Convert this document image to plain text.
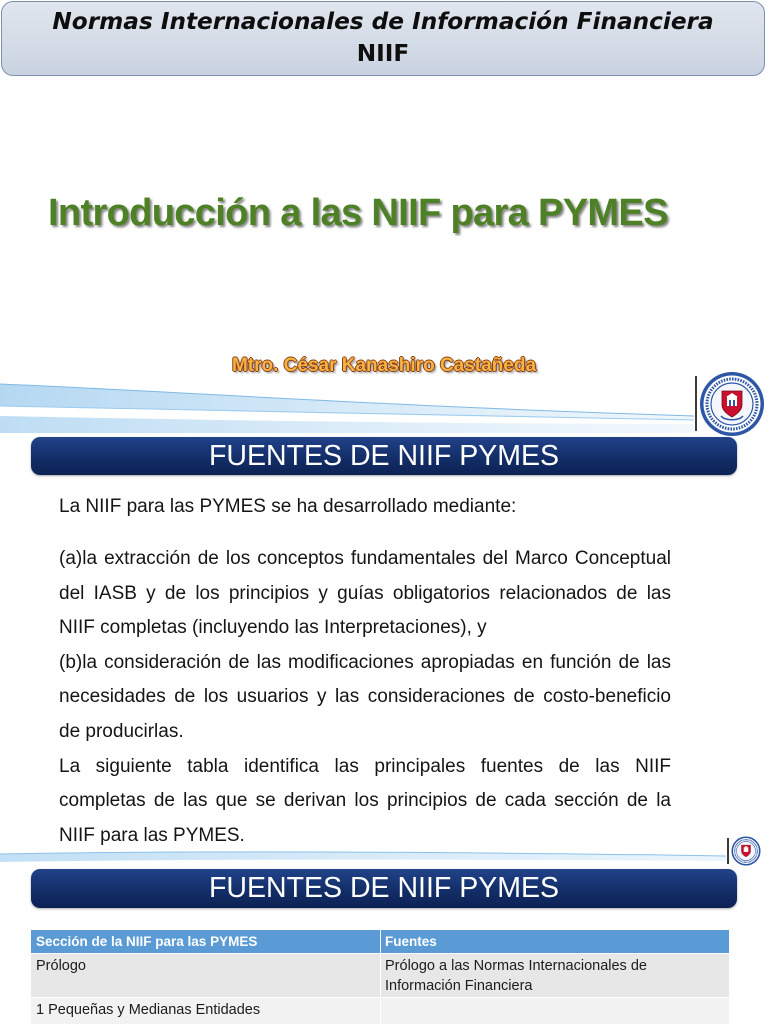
Normas Internacionales de Información Financiera
NIIF
Introducción a las NIIF para PYMES
Mtro. César Kanashiro Castañeda
FUENTES DE NIIF PYMES
La NIIF para las PYMES se ha desarrollado mediante:
(a)la extracción de los conceptos fundamentales del Marco Conceptual
del IASB y de los principios y guías obligatorios relacionados de las
NIIF completas (incluyendo las Interpretaciones), y
(b)la consideración de las modificaciones apropiadas en función de las
necesidades de los usuarios y las consideraciones de costo-beneficio
de producirlas.
La siguiente tabla identifica las principales fuentes de las NIIF
completas de las que se derivan los principios de cada sección de la
NIIF para las PYMES.
FUENTES DE NIIF PYMES
Sección de la NIIF para las PYMES	Fuentes
Prólogo	Prólogo a las Normas Internacionales de Información Financiera
1 Pequeñas y Medianas Entidades
